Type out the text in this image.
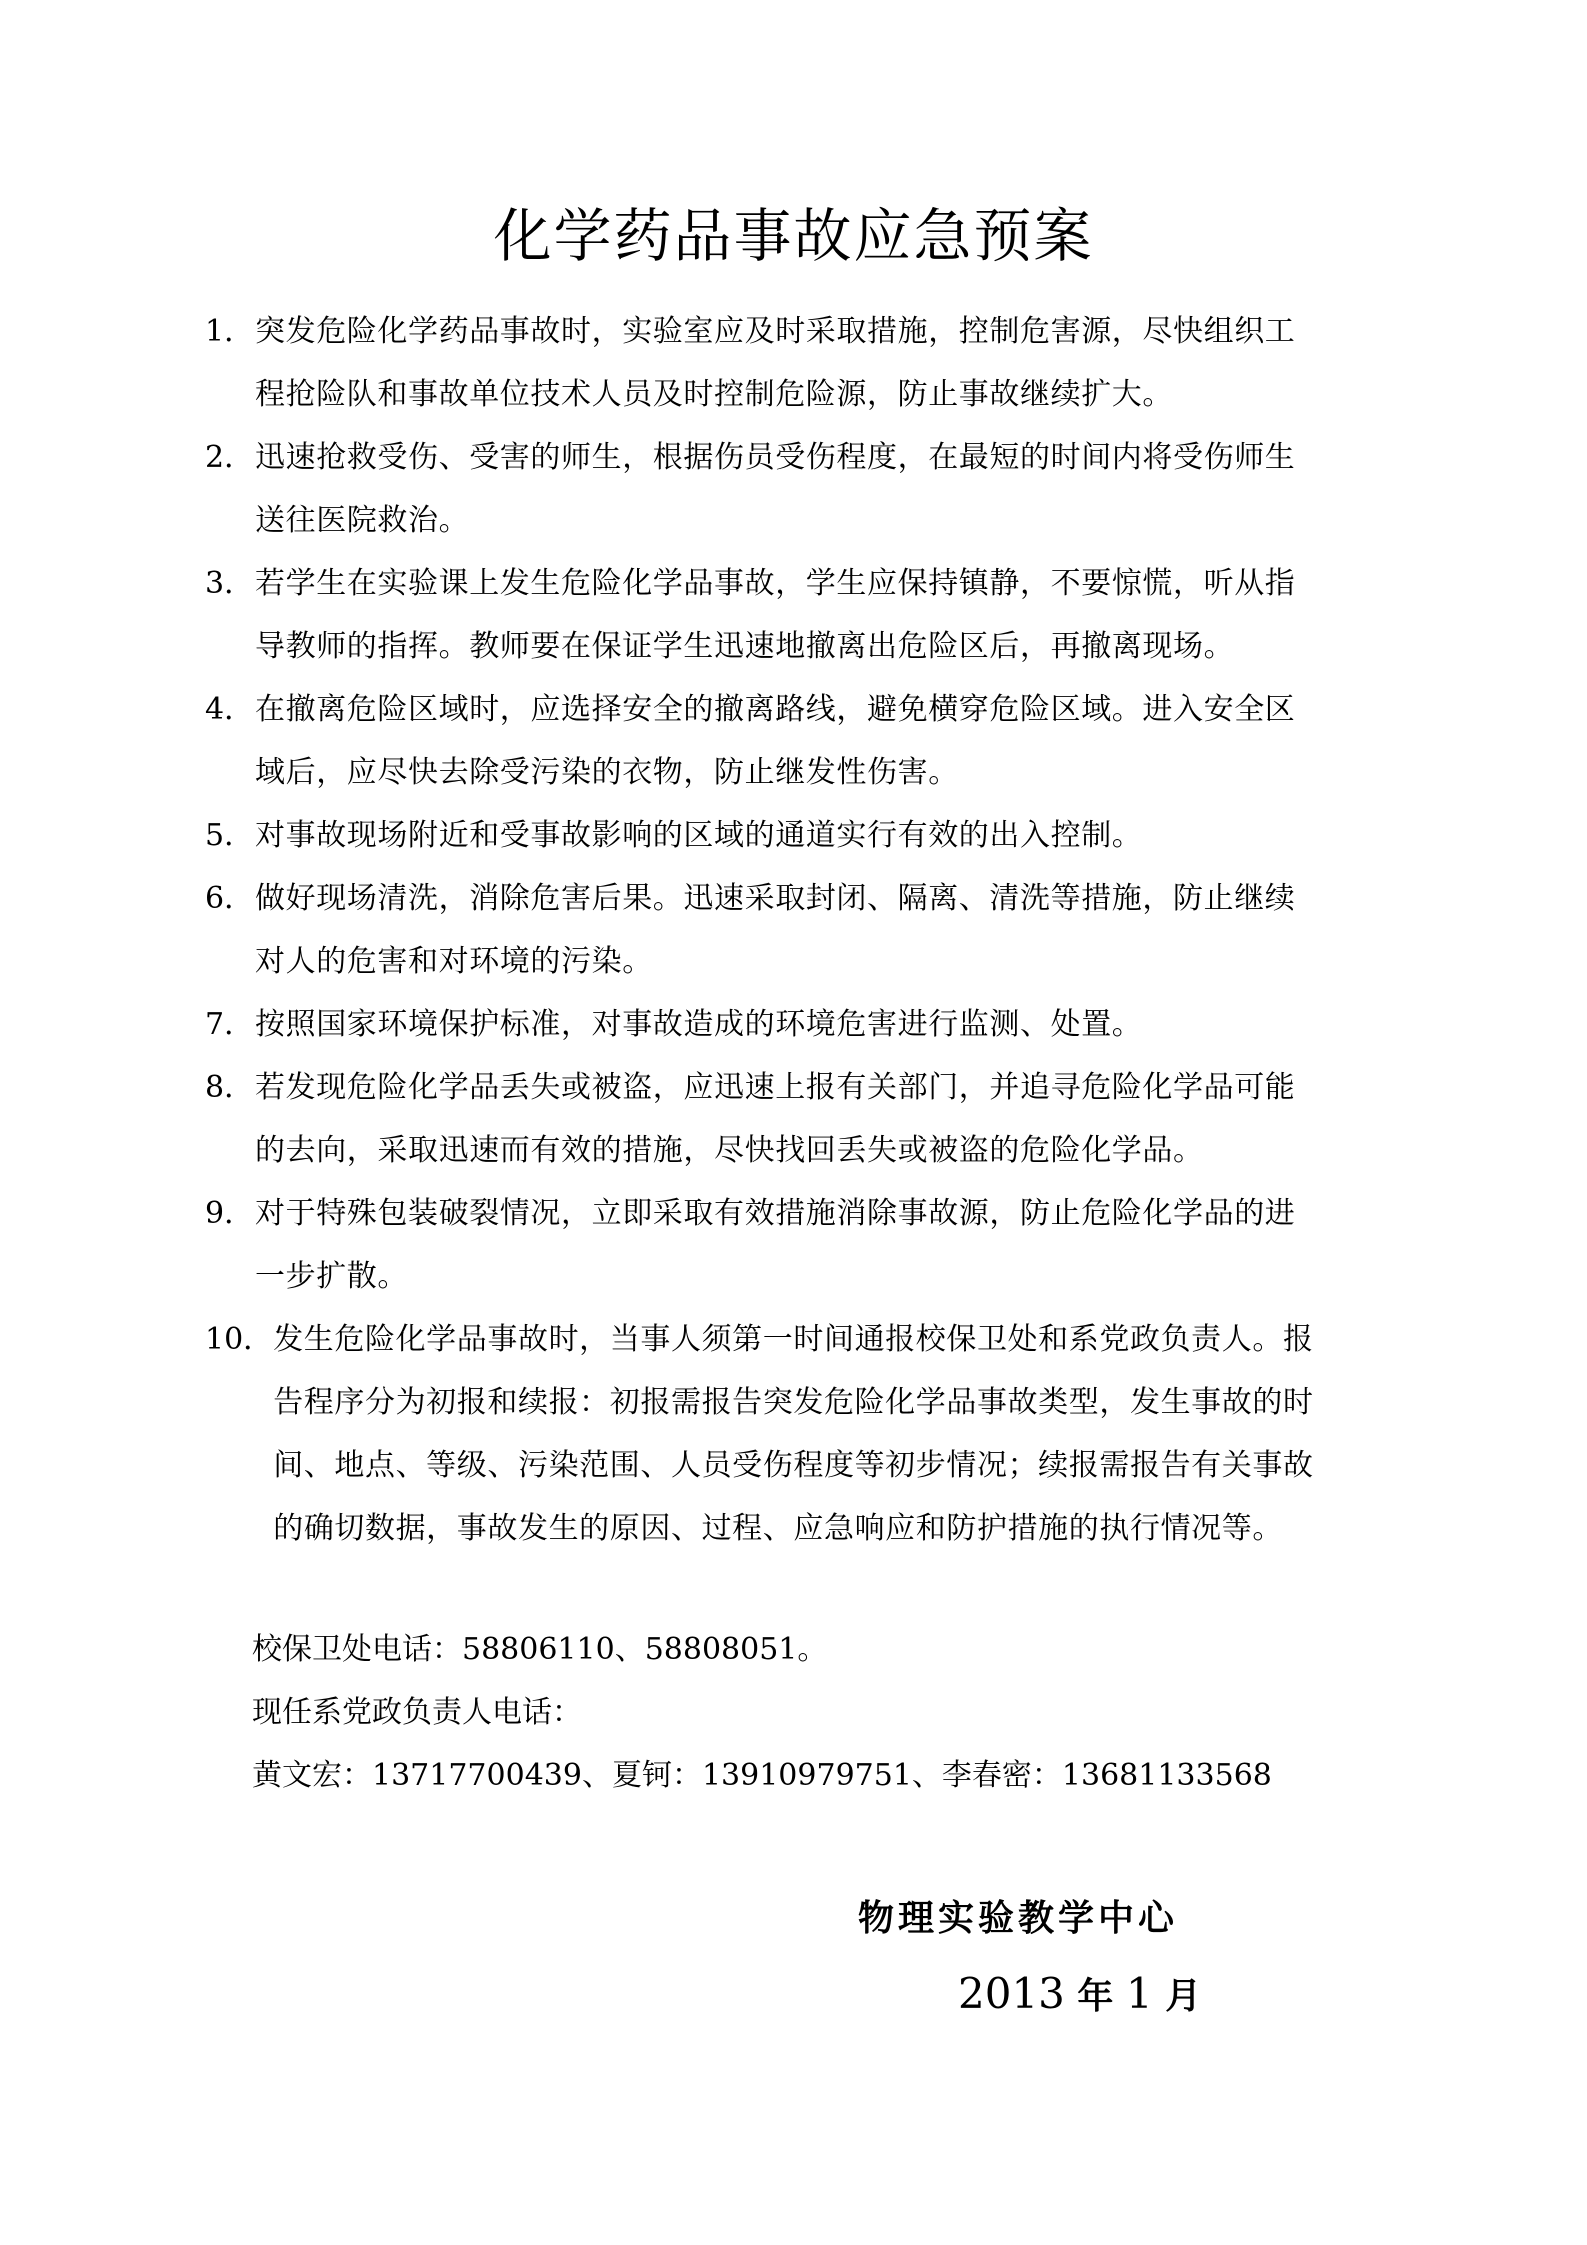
化学药品事故应急预案
1． 突发危险化学药品事故时，实验室应及时采取措施，控制危害源，尽快组织工
程抢险队和事故单位技术人员及时控制危险源，防止事故继续扩大。
2． 迅速抢救受伤、受害的师生，根据伤员受伤程度，在最短的时间内将受伤师生
送往医院救治。
3． 若学生在实验课上发生危险化学品事故，学生应保持镇静，不要惊慌，听从指
导教师的指挥。教师要在保证学生迅速地撤离出危险区后，再撤离现场。
4． 在撤离危险区域时，应选择安全的撤离路线，避免横穿危险区域。进入安全区
域后，应尽快去除受污染的衣物，防止继发性伤害。
5． 对事故现场附近和受事故影响的区域的通道实行有效的出入控制。
6． 做好现场清洗，消除危害后果。迅速采取封闭、隔离、清洗等措施，防止继续
对人的危害和对环境的污染。
7． 按照国家环境保护标准，对事故造成的环境危害进行监测、处置。
8． 若发现危险化学品丢失或被盗，应迅速上报有关部门，并追寻危险化学品可能
的去向，采取迅速而有效的措施，尽快找回丢失或被盗的危险化学品。
9． 对于特殊包装破裂情况，立即采取有效措施消除事故源，防止危险化学品的进
一步扩散。
10． 发生危险化学品事故时，当事人须第一时间通报校保卫处和系党政负责人。报
告程序分为初报和续报：初报需报告突发危险化学品事故类型，发生事故的时
间、地点、等级、污染范围、人员受伤程度等初步情况；续报需报告有关事故
的确切数据，事故发生的原因、过程、应急响应和防护措施的执行情况等。
校保卫处电话：58806110、58808051。
现任系党政负责人电话：
黄文宏：13717700439、夏钶：13910979751、李春密：13681133568
物理实验教学中心
2013 年 1 月
